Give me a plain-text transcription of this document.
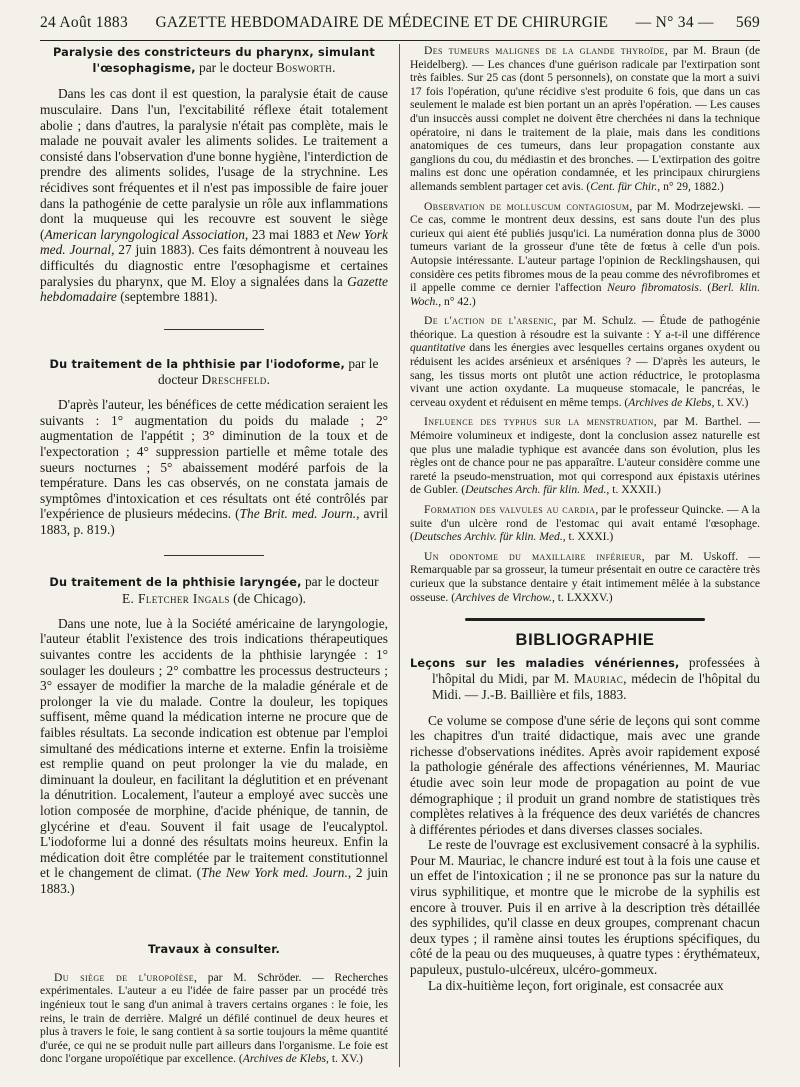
24 Août 1883 GAZETTE HEBDOMADAIRE DE MÉDECINE ET DE CHIRURGIE — N° 34 — 569
Paralysie des constricteurs du pharynx, simulant l'œsophagisme, par le docteur Bosworth.

Dans les cas dont il est question, la paralysie était de cause musculaire. Dans l'un, l'excitabilité réflexe était totalement abolie ; dans d'autres, la paralysie n'était pas complète, mais le malade ne pouvait avaler les aliments solides. Le traitement a consisté dans l'observation d'une bonne hygiène, l'interdiction de prendre des aliments solides, l'usage de la strychnine. Les récidives sont fréquentes et il n'est pas impossible de faire jouer dans la pathogénie de cette paralysie un rôle aux inflammations dont la muqueuse qui les recouvre est souvent le siège (American laryngological Association, 23 mai 1883 et New York med. Journal, 27 juin 1883). Ces faits démontrent à nouveau les difficultés du diagnostic entre l'œsophagisme et certaines paralysies du pharynx, que M. Eloy a signalées dans la Gazette hebdomadaire (septembre 1881).

Du traitement de la phthisie par l'iodoforme, par le docteur Dreschfeld.

D'après l'auteur, les bénéfices de cette médication seraient les suivants : 1° augmentation du poids du malade ; 2° augmentation de l'appétit ; 3° diminution de la toux et de l'expectoration ; 4° suppression partielle et même totale des sueurs nocturnes ; 5° abaissement modéré parfois de la température. Dans les cas observés, on ne constata jamais de symptômes d'intoxication et ces résultats ont été contrôlés par l'expérience de plusieurs médecins. (The Brit. med. Journ., avril 1883, p. 819.)

Du traitement de la phthisie laryngée, par le docteur E. Fletcher Ingals (de Chicago).

Dans une note, lue à la Société américaine de laryngologie, l'auteur établit l'existence des trois indications thérapeutiques suivantes contre les accidents de la phthisie laryngée : 1° soulager les douleurs ; 2° combattre les processus destructeurs ; 3° essayer de modifier la marche de la maladie générale et de prolonger la vie du malade. Contre la douleur, les topiques suffisent, même quand la médication interne ne procure que de faibles résultats. La seconde indication est obtenue par l'emploi simultané des médications interne et externe. Enfin la troisième est remplie quand on peut prolonger la vie du malade, en diminuant la douleur, en facilitant la déglutition et en prévenant la dénutrition. Localement, l'auteur a employé avec succès une lotion composée de morphine, d'acide phénique, de tannin, de glycérine et d'eau. Souvent il fait usage de l'eucalyptol. L'iodoforme lui a donné des résultats moins heureux. Enfin la médication doit être complétée par le traitement constitutionnel et le changement de climat. (The New York med. Journ., 2 juin 1883.)

Travaux à consulter.

Du siège de l'uropoïèse, par M. Schröder. — Recherches expérimentales. L'auteur a eu l'idée de faire passer par un procédé très ingénieux tout le sang d'un animal à travers certains organes : le foie, les reins, le train de derrière. Malgré un défilé continuel de deux heures et plus à travers le foie, le sang contient à sa sortie toujours la même quantité d'urée, ce qui ne se produit nulle part ailleurs dans l'organisme. Le foie est donc l'organe uropoïétique par excellence. (Archives de Klebs, t. XV.)

Des tumeurs malignes de la glande thyroïde, par M. Braun (de Heidelberg). — Les chances d'une guérison radicale par l'extirpation sont très faibles. Sur 25 cas (dont 5 personnels), on constate que la mort a suivi 17 fois l'opération, qu'une récidive s'est produite 6 fois, que dans un cas seulement le malade est bien portant un an après l'opération. — Les causes d'un insuccès aussi complet ne doivent être cherchées ni dans la technique opératoire, ni dans le traitement de la plaie, mais dans les conditions anatomiques de ces tumeurs, dans leur propagation constante aux ganglions du cou, du médiastin et des bronches. — L'extirpation des goitre malins est donc une opération condamnée, et les principaux chirurgiens allemands semblent partager cet avis. (Cent. für Chir., n° 29, 1882.)

Observation de molluscum contagiosum, par M. Modrzejewski. — Ce cas, comme le montrent deux dessins, est sans doute l'un des plus curieux qui aient été publiés jusqu'ici. La numération donna plus de 3000 tumeurs variant de la grosseur d'une tête de fœtus à celle d'un pois. Autopsie intéressante. L'auteur partage l'opinion de Recklingshausen, qui considère ces petits fibromes mous de la peau comme des névrofibromes et il appelle comme ce dernier l'affection Neuro fibromatosis. (Berl. klin. Woch., n° 42.)

De l'action de l'arsenic, par M. Schulz. — Étude de pathogénie théorique. La question à résoudre est la suivante : Y a-t-il une différence quantitative dans les énergies avec lesquelles certains organes oxydent ou réduisent les acides arsénieux et arséniques ? — D'après les auteurs, le sang, les tissus morts ont plutôt une action réductrice, le protoplasma vivant une action oxydante. La muqueuse stomacale, le pancréas, le cerveau oxydent et réduisent en même temps. (Archives de Klebs, t. XV.)

Influence des typhus sur la menstruation, par M. Barthel. — Mémoire volumineux et indigeste, dont la conclusion assez naturelle est que plus une maladie typhique est avancée dans son évolution, plus les règles ont de chance pour ne pas apparaître. L'auteur considère comme une rareté la pseudo-menstruation, mot qui correspond aux épistaxis utérines de Gubler. (Deutsches Arch. für klin. Med., t. XXXII.)

Formation des valvules au cardia, par le professeur Quincke. — A la suite d'un ulcère rond de l'estomac qui avait entamé l'œsophage. (Deutsches Archiv. für klin. Med., t. XXXI.)

Un odontome du maxillaire inférieur, par M. Uskoff. — Remarquable par sa grosseur, la tumeur présentait en outre ce caractère très curieux que la substance dentaire y était intimement mêlée à la substance osseuse. (Archives de Virchow., t. LXXXV.)

BIBLIOGRAPHIE

Leçons sur les maladies vénériennes, professées à l'hôpital du Midi, par M. Mauriac, médecin de l'hôpital du Midi. — J.-B. Baillière et fils, 1883.

Ce volume se compose d'une série de leçons qui sont comme les chapitres d'un traité didactique, mais avec une grande richesse d'observations inédites. Après avoir rapidement exposé la pathologie générale des affections vénériennes, M. Mauriac étudie avec soin leur mode de propagation au point de vue démographique ; il produit un grand nombre de statistiques très complètes relatives à la fréquence des deux variétés de chancres à différentes périodes et dans diverses classes sociales.

Le reste de l'ouvrage est exclusivement consacré à la syphilis. Pour M. Mauriac, le chancre induré est tout à la fois une cause et un effet de l'intoxication ; il ne se prononce pas sur la nature du virus syphilitique, et montre que le microbe de la syphilis est encore à trouver. Puis il en arrive à la description très détaillée des syphilides, qu'il classe en deux groupes, comprenant chacun deux types ; il ramène ainsi toutes les éruptions spécifiques, du côté de la peau ou des muqueuses, à quatre types : érythémateux, papuleux, pustulo-ulcéreux, ulcéro-gommeux.

La dix-huitième leçon, fort originale, est consacrée aux
